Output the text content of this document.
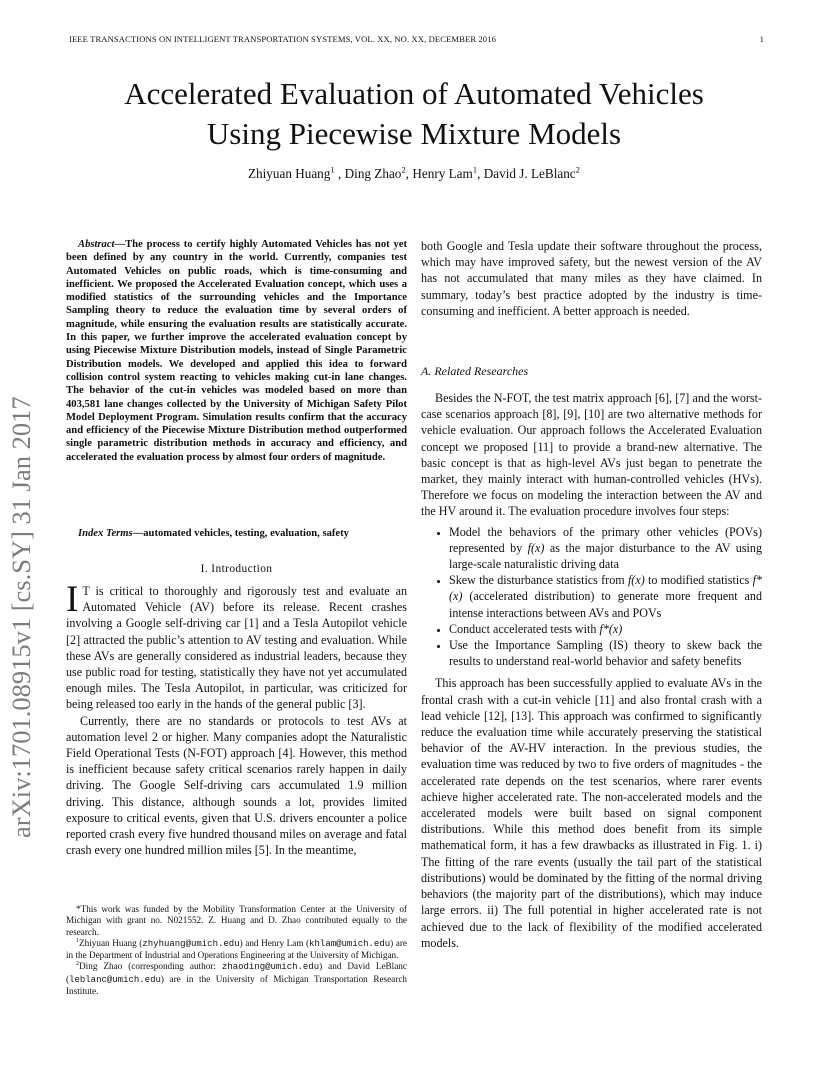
IEEE TRANSACTIONS ON INTELLIGENT TRANSPORTATION SYSTEMS, VOL. XX, NO. XX, DECEMBER 2016	1
arXiv:1701.08915v1 [cs.SY] 31 Jan 2017
Accelerated Evaluation of Automated Vehicles
Using Piecewise Mixture Models
Zhiyuan Huang$^1$ , Ding Zhao$^2$, Henry Lam$^1$, David J. LeBlanc$^2$
Abstract—The process to certify highly Automated Vehicles has not yet been defined by any country in the world. Currently, companies test Automated Vehicles on public roads, which is time-consuming and inefficient. We proposed the Accelerated Evaluation concept, which uses a modified statistics of the surrounding vehicles and the Importance Sampling theory to reduce the evaluation time by several orders of magnitude, while ensuring the evaluation results are statistically accurate. In this paper, we further improve the accelerated evaluation concept by using Piecewise Mixture Distribution models, instead of Single Parametric Distribution models. We developed and applied this idea to forward collision control system reacting to vehicles making cut-in lane changes. The behavior of the cut-in vehicles was modeled based on more than 403,581 lane changes collected by the University of Michigan Safety Pilot Model Deployment Program. Simulation results confirm that the accuracy and efficiency of the Piecewise Mixture Distribution method outperformed single parametric distribution methods in accuracy and efficiency, and accelerated the evaluation process by almost four orders of magnitude.
Index Terms—automated vehicles, testing, evaluation, safety
I. Introduction

I T is critical to thoroughly and rigorously test and evaluate an Automated Vehicle (AV) before its release. Recent crashes involving a Google self-driving car [1] and a Tesla Autopilot vehicle [2] attracted the public’s attention to AV testing and evaluation. While these AVs are generally considered as industrial leaders, because they use public road for testing, statistically they have not yet accumulated enough miles. The Tesla Autopilot, in particular, was criticized for being released too early in the hands of the general public [3].

Currently, there are no standards or protocols to test AVs at automation level 2 or higher. Many companies adopt the Naturalistic Field Operational Tests (N-FOT) approach [4]. However, this method is inefficient because safety critical scenarios rarely happen in daily driving. The Google Self-driving cars accumulated 1.9 million driving. This distance, although sounds a lot, provides limited exposure to critical events, given that U.S. drivers encounter a police reported crash every five hundred thousand miles on average and fatal crash every one hundred million miles [5]. In the meantime,

*This work was funded by the Mobility Transformation Center at the University of Michigan with grant no. N021552. Z. Huang and D. Zhao contributed equally to the research.

$^1$Zhiyuan Huang (zhyhuang@umich.edu) and Henry Lam (khlam@umich.edu) are in the Department of Industrial and Operations Engineering at the University of Michigan.

$^2$Ding Zhao (corresponding author: zhaoding@umich.edu) and David LeBlanc (leblanc@umich.edu) are in the University of Michigan Transportation Research Institute.

both Google and Tesla update their software throughout the process, which may have improved safety, but the newest version of the AV has not accumulated that many miles as they have claimed. In summary, today’s best practice adopted by the industry is time-consuming and inefficient. A better approach is needed.

A. Related Researches

Besides the N-FOT, the test matrix approach [6], [7] and the worst-case scenarios approach [8], [9], [10] are two alternative methods for vehicle evaluation. Our approach follows the Accelerated Evaluation concept we proposed [11] to provide a brand-new alternative. The basic concept is that as high-level AVs just began to penetrate the market, they mainly interact with human-controlled vehicles (HVs). Therefore we focus on modeling the interaction between the AV and the HV around it. The evaluation procedure involves four steps:

• Model the behaviors of the primary other vehicles (POVs) represented by f(x) as the major disturbance to the AV using large-scale naturalistic driving data
• Skew the disturbance statistics from f(x) to modified statistics f*(x) (accelerated distribution) to generate more frequent and intense interactions between AVs and POVs
• Conduct accelerated tests with f*(x)
• Use the Importance Sampling (IS) theory to skew back the results to understand real-world behavior and safety benefits

This approach has been successfully applied to evaluate AVs in the frontal crash with a cut-in vehicle [11] and also frontal crash with a lead vehicle [12], [13]. This approach was confirmed to significantly reduce the evaluation time while accurately preserving the statistical behavior of the AV-HV interaction. In the previous studies, the evaluation time was reduced by two to five orders of magnitudes - the accelerated rate depends on the test scenarios, where rarer events achieve higher accelerated rate. The non-accelerated models and the accelerated models were built based on signal component distributions. While this method does benefit from its simple mathematical form, it has a few drawbacks as illustrated in Fig. 1. i) The fitting of the rare events (usually the tail part of the statistical distributions) would be dominated by the fitting of the normal driving behaviors (the majority part of the distributions), which may induce large errors. ii) The full potential in higher accelerated rate is not achieved due to the lack of flexibility of the modified accelerated models.
